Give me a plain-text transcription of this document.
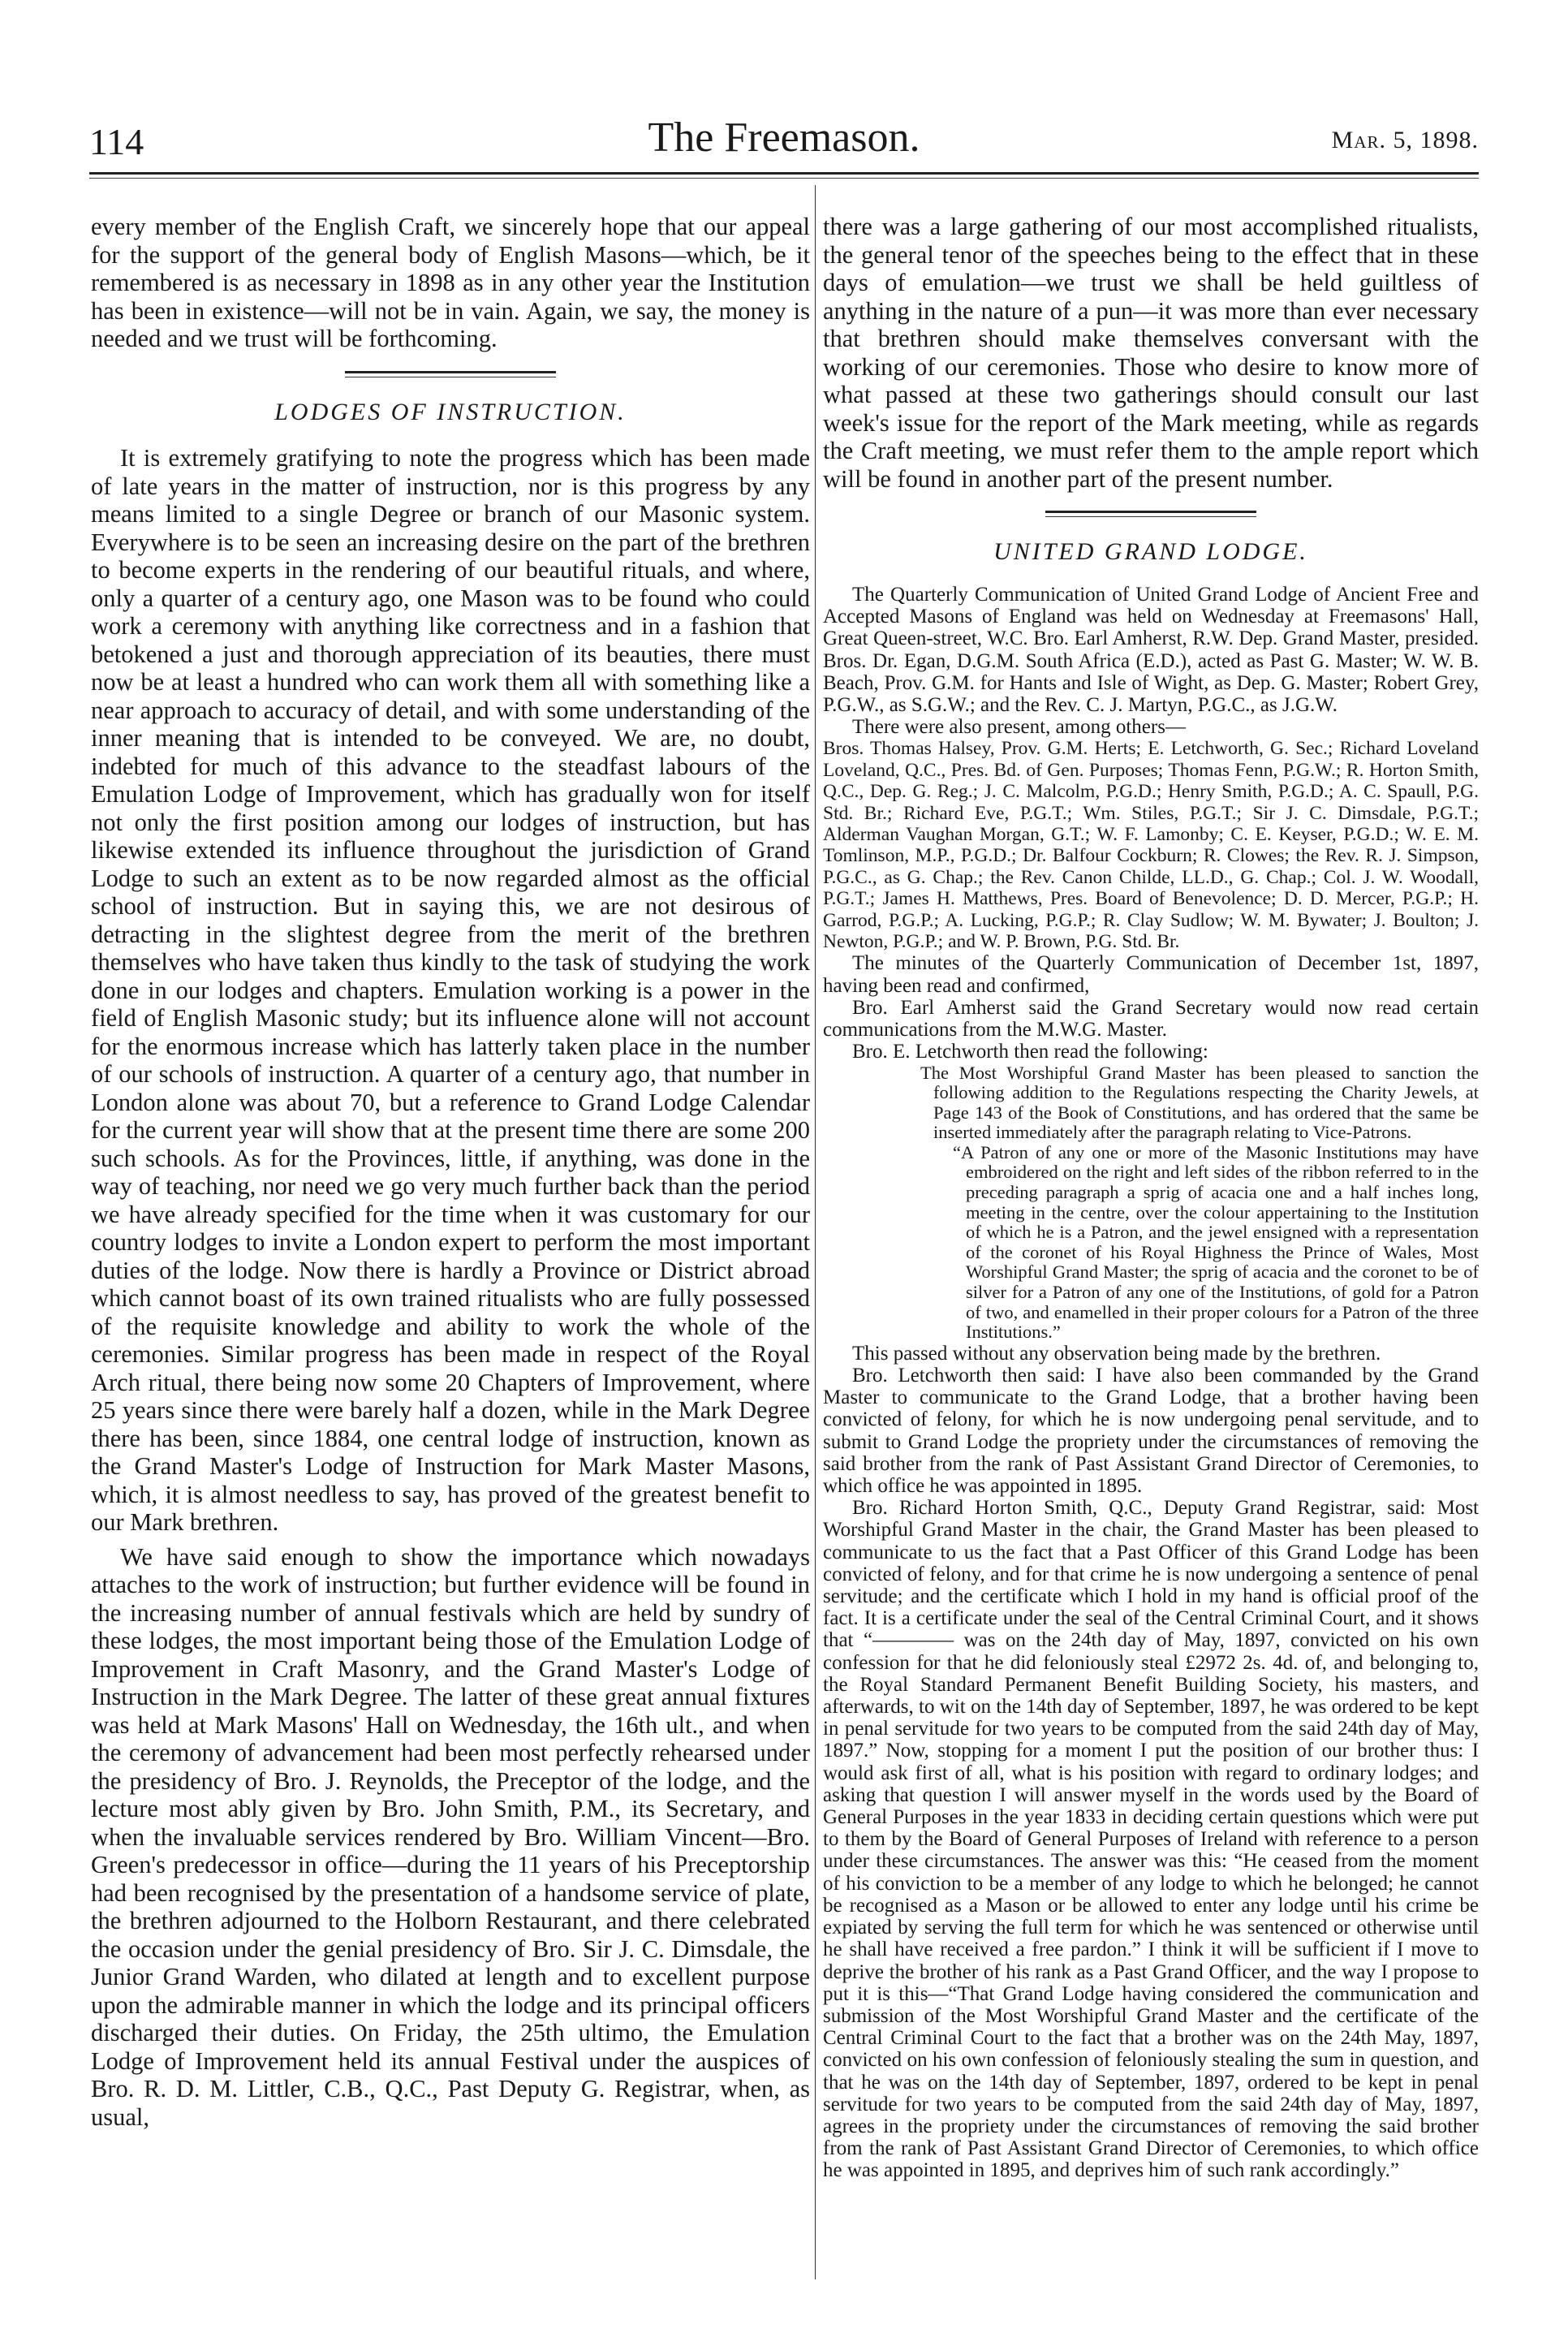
114	The Freemason.	Mar. 5, 1898.

every member of the English Craft, we sincerely hope that our appeal for the support of the general body of English Masons—which, be it remembered is as necessary in 1898 as in any other year the Institution has been in existence—will not be in vain. Again, we say, the money is needed and we trust will be forthcoming.

LODGES OF INSTRUCTION.

It is extremely gratifying to note the progress which has been made of late years in the matter of instruction, nor is this progress by any means limited to a single Degree or branch of our Masonic system. Everywhere is to be seen an increasing desire on the part of the brethren to become experts in the rendering of our beautiful rituals, and where, only a quarter of a century ago, one Mason was to be found who could work a ceremony with anything like correctness and in a fashion that betokened a just and thorough appreciation of its beauties, there must now be at least a hundred who can work them all with something like a near approach to accuracy of detail, and with some understanding of the inner meaning that is intended to be conveyed. We are, no doubt, indebted for much of this advance to the steadfast labours of the Emulation Lodge of Improvement, which has gradually won for itself not only the first position among our lodges of instruction, but has likewise extended its influence throughout the jurisdiction of Grand Lodge to such an extent as to be now regarded almost as the official school of instruction. But in saying this, we are not desirous of detracting in the slightest degree from the merit of the brethren themselves who have taken thus kindly to the task of studying the work done in our lodges and chapters. Emulation working is a power in the field of English Masonic study; but its influence alone will not account for the enormous increase which has latterly taken place in the number of our schools of instruction. A quarter of a century ago, that number in London alone was about 70, but a reference to Grand Lodge Calendar for the current year will show that at the present time there are some 200 such schools. As for the Provinces, little, if anything, was done in the way of teaching, nor need we go very much further back than the period we have already specified for the time when it was customary for our country lodges to invite a London expert to perform the most important duties of the lodge. Now there is hardly a Province or District abroad which cannot boast of its own trained ritualists who are fully possessed of the requisite knowledge and ability to work the whole of the ceremonies. Similar progress has been made in respect of the Royal Arch ritual, there being now some 20 Chapters of Improvement, where 25 years since there were barely half a dozen, while in the Mark Degree there has been, since 1884, one central lodge of instruction, known as the Grand Master's Lodge of Instruction for Mark Master Masons, which, it is almost needless to say, has proved of the greatest benefit to our Mark brethren.

We have said enough to show the importance which nowadays attaches to the work of instruction; but further evidence will be found in the increasing number of annual festivals which are held by sundry of these lodges, the most important being those of the Emulation Lodge of Improvement in Craft Masonry, and the Grand Master's Lodge of Instruction in the Mark Degree. The latter of these great annual fixtures was held at Mark Masons' Hall on Wednesday, the 16th ult., and when the ceremony of advancement had been most perfectly rehearsed under the presidency of Bro. J. Reynolds, the Preceptor of the lodge, and the lecture most ably given by Bro. John Smith, P.M., its Secretary, and when the invaluable services rendered by Bro. William Vincent—Bro. Green's predecessor in office—during the 11 years of his Preceptorship had been recognised by the presentation of a handsome service of plate, the brethren adjourned to the Holborn Restaurant, and there celebrated the occasion under the genial presidency of Bro. Sir J. C. Dimsdale, the Junior Grand Warden, who dilated at length and to excellent purpose upon the admirable manner in which the lodge and its principal officers discharged their duties. On Friday, the 25th ultimo, the Emulation Lodge of Improvement held its annual Festival under the auspices of Bro. R. D. M. Littler, C.B., Q.C., Past Deputy G. Registrar, when, as usual,

there was a large gathering of our most accomplished ritualists, the general tenor of the speeches being to the effect that in these days of emulation—we trust we shall be held guiltless of anything in the nature of a pun—it was more than ever necessary that brethren should make themselves conversant with the working of our ceremonies. Those who desire to know more of what passed at these two gatherings should consult our last week's issue for the report of the Mark meeting, while as regards the Craft meeting, we must refer them to the ample report which will be found in another part of the present number.

UNITED GRAND LODGE.

The Quarterly Communication of United Grand Lodge of Ancient Free and Accepted Masons of England was held on Wednesday at Freemasons' Hall, Great Queen-street, W.C. Bro. Earl Amherst, R.W. Dep. Grand Master, presided. Bros. Dr. Egan, D.G.M. South Africa (E.D.), acted as Past G. Master; W. W. B. Beach, Prov. G.M. for Hants and Isle of Wight, as Dep. G. Master; Robert Grey, P.G.W., as S.G.W.; and the Rev. C. J. Martyn, P.G.C., as J.G.W.

There were also present, among others—

Bros. Thomas Halsey, Prov. G.M. Herts; E. Letchworth, G. Sec.; Richard Loveland Loveland, Q.C., Pres. Bd. of Gen. Purposes; Thomas Fenn, P.G.W.; R. Horton Smith, Q.C., Dep. G. Reg.; J. C. Malcolm, P.G.D.; Henry Smith, P.G.D.; A. C. Spaull, P.G. Std. Br.; Richard Eve, P.G.T.; Wm. Stiles, P.G.T.; Sir J. C. Dimsdale, P.G.T.; Alderman Vaughan Morgan, G.T.; W. F. Lamonby; C. E. Keyser, P.G.D.; W. E. M. Tomlinson, M.P., P.G.D.; Dr. Balfour Cockburn; R. Clowes; the Rev. R. J. Simpson, P.G.C., as G. Chap.; the Rev. Canon Childe, LL.D., G. Chap.; Col. J. W. Woodall, P.G.T.; James H. Matthews, Pres. Board of Benevolence; D. D. Mercer, P.G.P.; H. Garrod, P.G.P.; A. Lucking, P.G.P.; R. Clay Sudlow; W. M. Bywater; J. Boulton; J. Newton, P.G.P.; and W. P. Brown, P.G. Std. Br.

The minutes of the Quarterly Communication of December 1st, 1897, having been read and confirmed,

Bro. Earl Amherst said the Grand Secretary would now read certain communications from the M.W.G. Master.

Bro. E. Letchworth then read the following:

The Most Worshipful Grand Master has been pleased to sanction the following addition to the Regulations respecting the Charity Jewels, at Page 143 of the Book of Constitutions, and has ordered that the same be inserted immediately after the paragraph relating to Vice-Patrons.

“A Patron of any one or more of the Masonic Institutions may have embroidered on the right and left sides of the ribbon referred to in the preceding paragraph a sprig of acacia one and a half inches long, meeting in the centre, over the colour appertaining to the Institution of which he is a Patron, and the jewel ensigned with a representation of the coronet of his Royal Highness the Prince of Wales, Most Worshipful Grand Master; the sprig of acacia and the coronet to be of silver for a Patron of any one of the Institutions, of gold for a Patron of two, and enamelled in their proper colours for a Patron of the three Institutions.”

This passed without any observation being made by the brethren.

Bro. Letchworth then said: I have also been commanded by the Grand Master to communicate to the Grand Lodge, that a brother having been convicted of felony, for which he is now undergoing penal servitude, and to submit to Grand Lodge the propriety under the circumstances of removing the said brother from the rank of Past Assistant Grand Director of Ceremonies, to which office he was appointed in 1895.

Bro. Richard Horton Smith, Q.C., Deputy Grand Registrar, said: Most Worshipful Grand Master in the chair, the Grand Master has been pleased to communicate to us the fact that a Past Officer of this Grand Lodge has been convicted of felony, and for that crime he is now undergoing a sentence of penal servitude; and the certificate which I hold in my hand is official proof of the fact. It is a certificate under the seal of the Central Criminal Court, and it shows that “———— was on the 24th day of May, 1897, convicted on his own confession for that he did feloniously steal £2972 2s. 4d. of, and belonging to, the Royal Standard Permanent Benefit Building Society, his masters, and afterwards, to wit on the 14th day of September, 1897, he was ordered to be kept in penal servitude for two years to be computed from the said 24th day of May, 1897.” Now, stopping for a moment I put the position of our brother thus: I would ask first of all, what is his position with regard to ordinary lodges; and asking that question I will answer myself in the words used by the Board of General Purposes in the year 1833 in deciding certain questions which were put to them by the Board of General Purposes of Ireland with reference to a person under these circumstances. The answer was this: “He ceased from the moment of his conviction to be a member of any lodge to which he belonged; he cannot be recognised as a Mason or be allowed to enter any lodge until his crime be expiated by serving the full term for which he was sentenced or otherwise until he shall have received a free pardon.” I think it will be sufficient if I move to deprive the brother of his rank as a Past Grand Officer, and the way I propose to put it is this—“That Grand Lodge having considered the communication and submission of the Most Worshipful Grand Master and the certificate of the Central Criminal Court to the fact that a brother was on the 24th May, 1897, convicted on his own confession of feloniously stealing the sum in question, and that he was on the 14th day of September, 1897, ordered to be kept in penal servitude for two years to be computed from the said 24th day of May, 1897, agrees in the propriety under the circumstances of removing the said brother from the rank of Past Assistant Grand Director of Ceremonies, to which office he was appointed in 1895, and deprives him of such rank accordingly.”
